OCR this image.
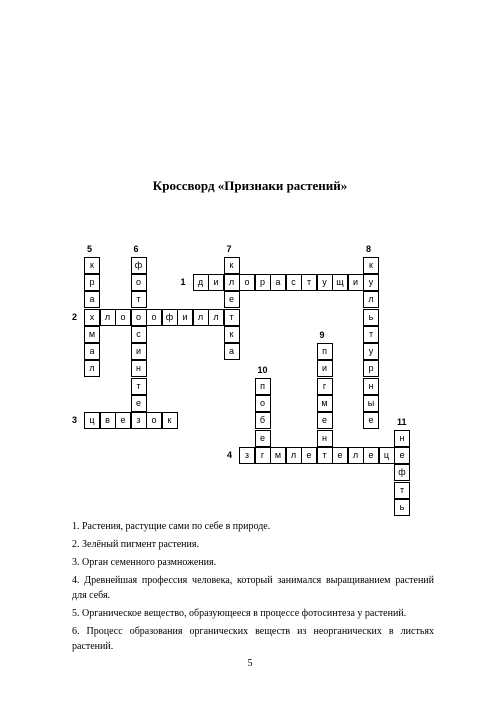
Кроссворд «Признаки растений»
д	и	л	о	р	а	с	т	у	щ	и	у
х	л	о	о	о	ф	и	л	л
ц	в	е	з	о	к
з	г	м	л	е	т	е	л	е	ц
к
р
а
м
а
л
ф
о
т
с
и
н
т
е
к
е
т
к
а
к
л
ь
т
у
р
н
ы
е
п
и
г
м
е
н
п
о
б
е	н
е
ф
т
ь
1
2
3
4
5	6	7	8
9
10
11

1. Растения, растущие сами по себе в природе.

2. Зелёный пигмент растения.

3. Орган семенного размножения.

4. Древнейшая профессия человека, который занимался выращиванием растений для себя.

5. Органическое вещество, образующееся в процессе фотосинтеза у растений.

6. Процесс образования органических веществ из неорганических в листьях растений.

5
